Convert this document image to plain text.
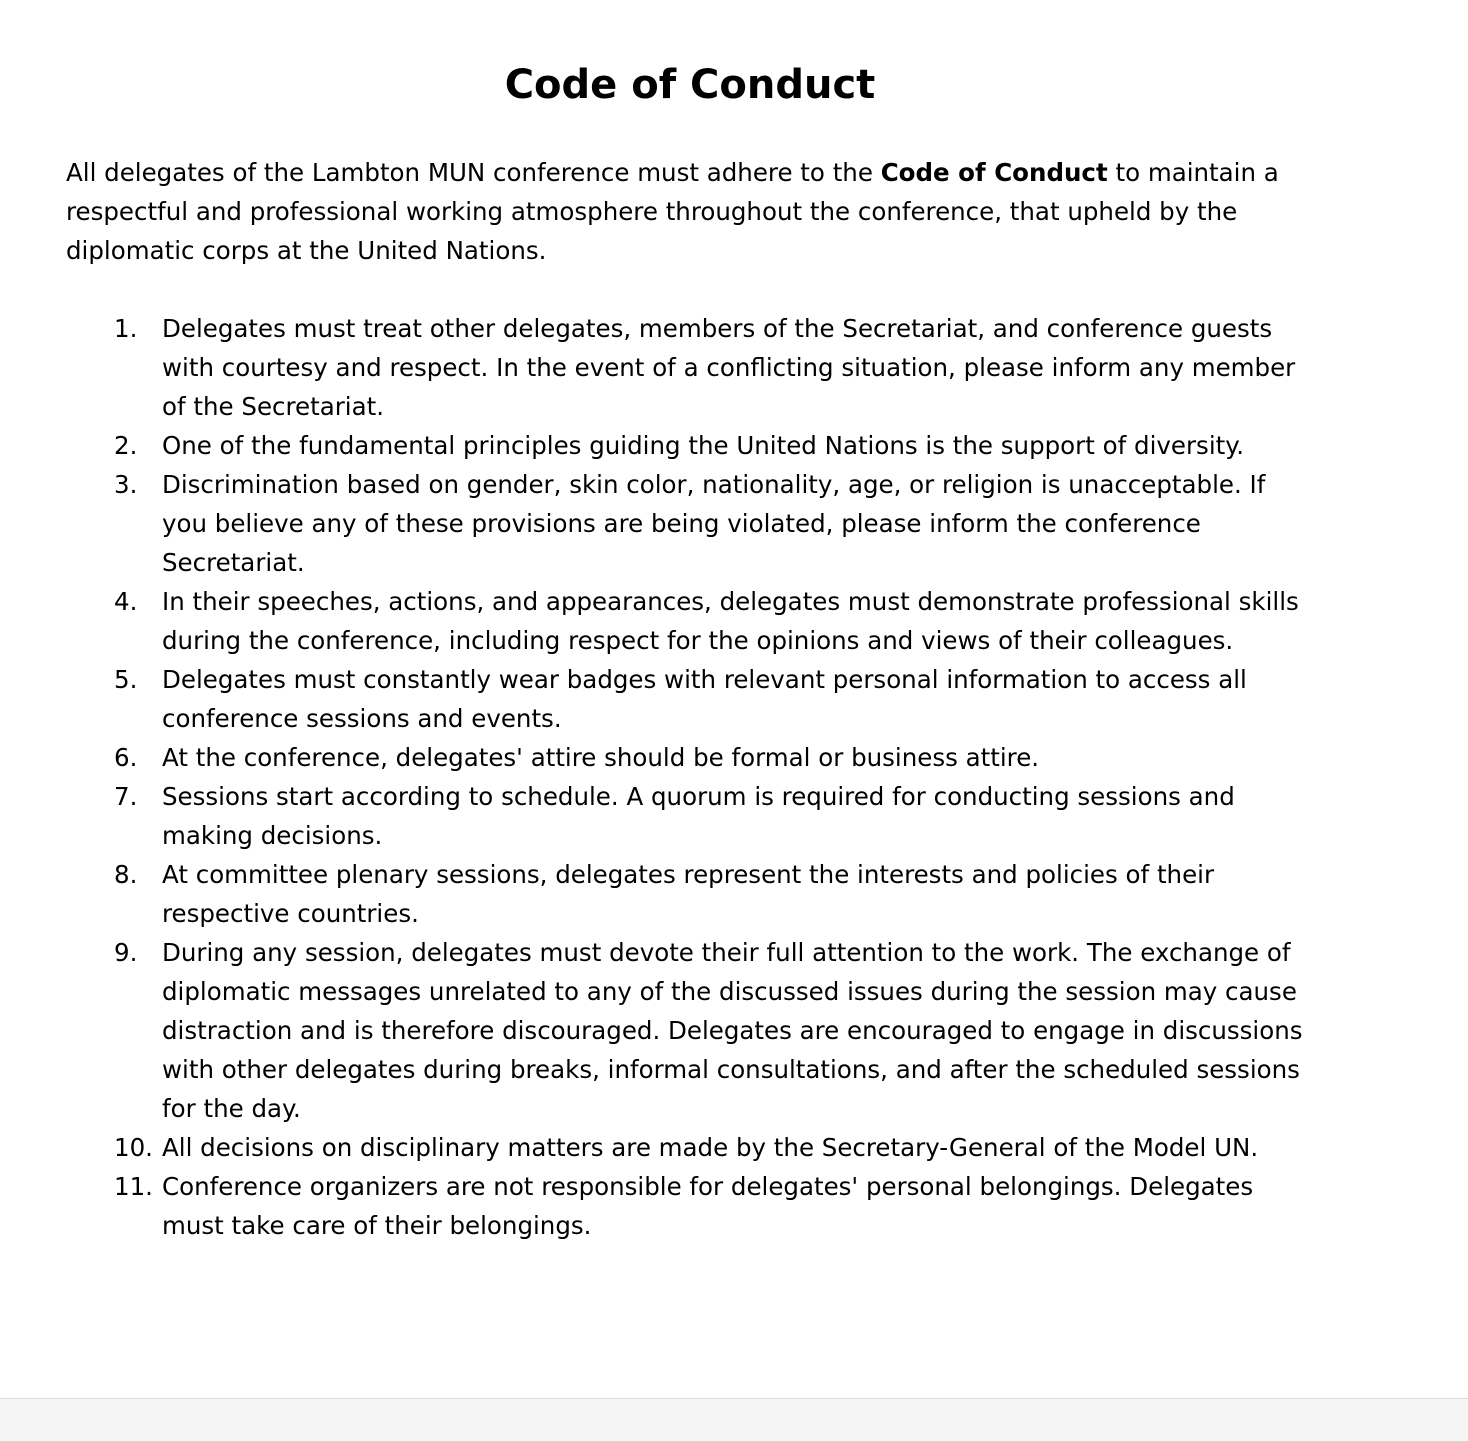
Code of Conduct

All delegates of the Lambton MUN conference must adhere to the Code of Conduct to maintain a respectful and professional working atmosphere throughout the conference, that upheld by the diplomatic corps at the United Nations.

1. Delegates must treat other delegates, members of the Secretariat, and conference guests with courtesy and respect. In the event of a conflicting situation, please inform any member of the Secretariat.
2. One of the fundamental principles guiding the United Nations is the support of diversity.
3. Discrimination based on gender, skin color, nationality, age, or religion is unacceptable. If you believe any of these provisions are being violated, please inform the conference Secretariat.
4. In their speeches, actions, and appearances, delegates must demonstrate professional skills during the conference, including respect for the opinions and views of their colleagues.
5. Delegates must constantly wear badges with relevant personal information to access all conference sessions and events.
6. At the conference, delegates' attire should be formal or business attire.
7. Sessions start according to schedule. A quorum is required for conducting sessions and making decisions.
8. At committee plenary sessions, delegates represent the interests and policies of their respective countries.
9. During any session, delegates must devote their full attention to the work. The exchange of diplomatic messages unrelated to any of the discussed issues during the session may cause distraction and is therefore discouraged. Delegates are encouraged to engage in discussions with other delegates during breaks, informal consultations, and after the scheduled sessions for the day.
10. All decisions on disciplinary matters are made by the Secretary-General of the Model UN.
11. Conference organizers are not responsible for delegates' personal belongings. Delegates must take care of their belongings.
